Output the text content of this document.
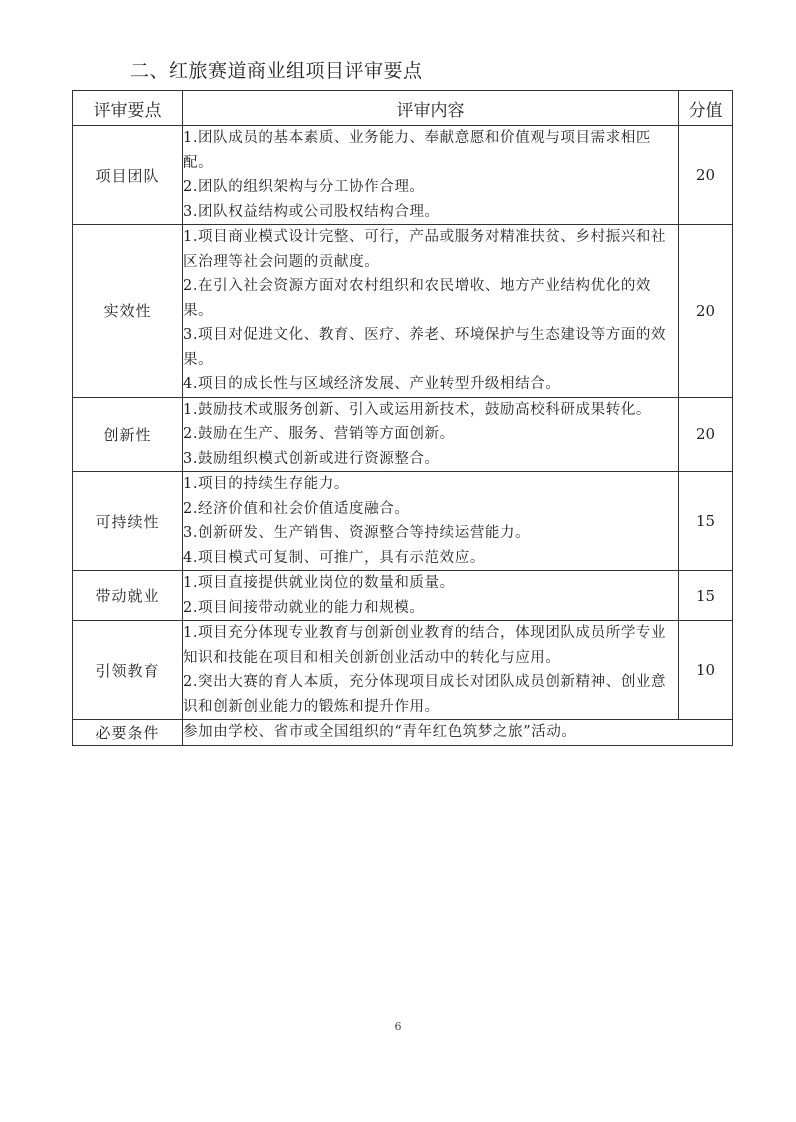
二、红旅赛道商业组项目评审要点
评审要点	评审内容	分值
项目团队	1.团队成员的基本素质、业务能力、奉献意愿和价值观与项目需求相匹配。

2.团队的组织架构与分工协作合理。

3.团队权益结构或公司股权结构合理。	20
实效性	1.项目商业模式设计完整、可行，产品或服务对精准扶贫、乡村振兴和社区治理等社会问题的贡献度。

2.在引入社会资源方面对农村组织和农民增收、地方产业结构优化的效果。

3.项目对促进文化、教育、医疗、养老、环境保护与生态建设等方面的效果。

4.项目的成长性与区域经济发展、产业转型升级相结合。	20
创新性	1.鼓励技术或服务创新、引入或运用新技术，鼓励高校科研成果转化。

2.鼓励在生产、服务、营销等方面创新。

3.鼓励组织模式创新或进行资源整合。	20
可持续性	1.项目的持续生存能力。

2.经济价值和社会价值适度融合。

3.创新研发、生产销售、资源整合等持续运营能力。

4.项目模式可复制、可推广，具有示范效应。	15
带动就业	1.项目直接提供就业岗位的数量和质量。

2.项目间接带动就业的能力和规模。	15
引领教育	1.项目充分体现专业教育与创新创业教育的结合，体现团队成员所学专业知识和技能在项目和相关创新创业活动中的转化与应用。

2.突出大赛的育人本质，充分体现项目成长对团队成员创新精神、创业意识和创新创业能力的锻炼和提升作用。	10
必要条件	参加由学校、省市或全国组织的“青年红色筑梦之旅”活动。	

6
